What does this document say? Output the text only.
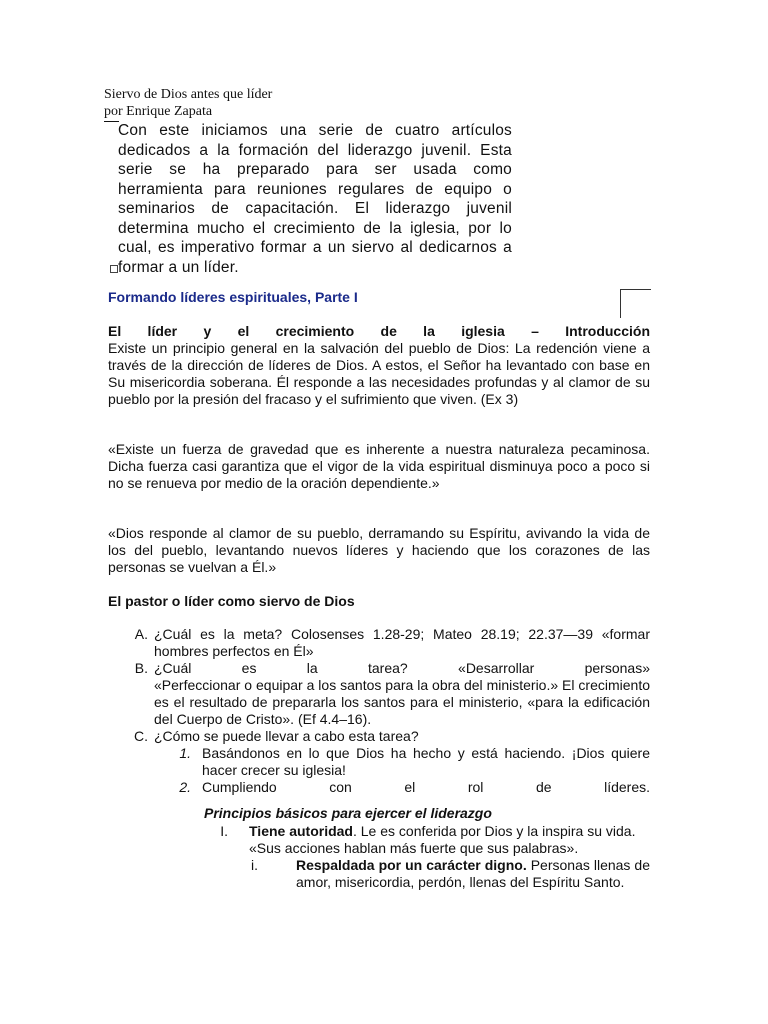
Siervo de Dios antes que líder
por Enrique Zapata
Con este iniciamos una serie de cuatro artículos dedicados a la formación del liderazgo juvenil. Esta serie se ha preparado para ser usada como herramienta para reuniones regulares de equipo o seminarios de capacitación. El liderazgo juvenil determina mucho el crecimiento de la iglesia, por lo cual, es imperativo formar a un siervo al dedicarnos a formar a un líder.
Formando líderes espirituales, Parte I
El líder y el crecimiento de la iglesia – Introducción
Existe un principio general en la salvación del pueblo de Dios: La redención viene a través de la dirección de líderes de Dios. A estos, el Señor ha levantado con base en Su misericordia soberana. Él responde a las necesidades profundas y al clamor de su pueblo por la presión del fracaso y el sufrimiento que viven. (Ex 3)
«Existe un fuerza de gravedad que es inherente a nuestra naturaleza pecaminosa. Dicha fuerza casi garantiza que el vigor de la vida espiritual disminuya poco a poco si no se renueva por medio de la oración dependiente.»
«Dios responde al clamor de su pueblo, derramando su Espíritu, avivando la vida de los del pueblo, levantando nuevos líderes y haciendo que los corazones de las personas se vuelvan a Él.»
El pastor o líder como siervo de Dios
A. ¿Cuál es la meta? Colosenses 1.28-29; Mateo 28.19; 22.37—39 «formar hombres perfectos en Él»
B. ¿Cuál es la tarea? «Desarrollar personas»
«Perfeccionar o equipar a los santos para la obra del ministerio.» El crecimiento es el resultado de prepararla los santos para el ministerio, «para la edificación del Cuerpo de Cristo». (Ef 4.4–16).
C. ¿Cómo se puede llevar a cabo esta tarea?
1. Basándonos en lo que Dios ha hecho y está haciendo. ¡Dios quiere hacer crecer su iglesia!
2. Cumpliendo con el rol de líderes.
Principios básicos para ejercer el liderazgo
I. Tiene autoridad. Le es conferida por Dios y la inspira su vida.
«Sus acciones hablan más fuerte que sus palabras».
i.	Respaldada por un carácter digno. Personas llenas de amor, misericordia, perdón, llenas del Espíritu Santo.
